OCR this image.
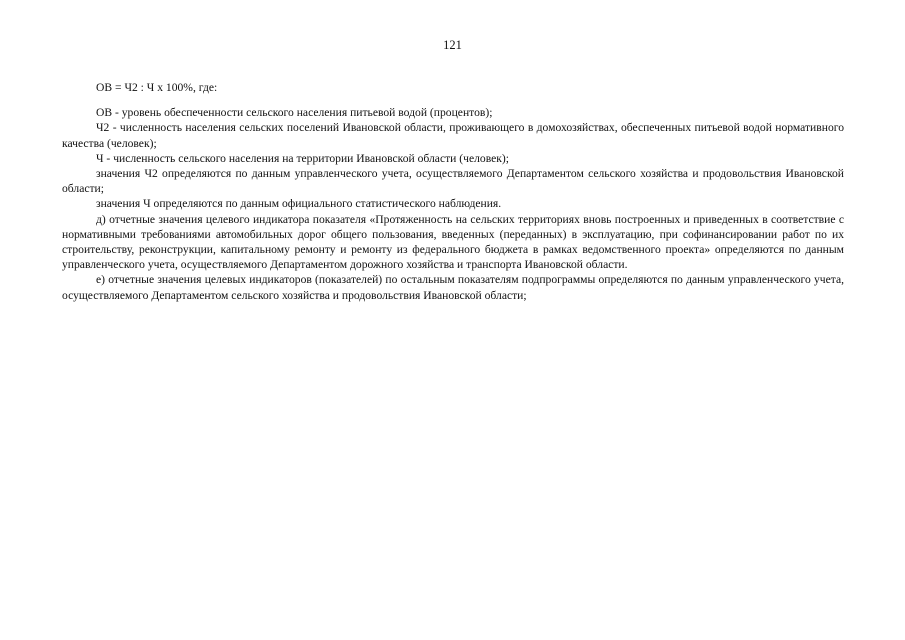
121

ОВ = Ч2 : Ч х 100%, где:

ОВ - уровень обеспеченности сельского населения питьевой водой (процентов);

Ч2 - численность населения сельских поселений Ивановской области, проживающего в домохозяйствах, обеспеченных питьевой водой нормативного качества (человек);

Ч - численность сельского населения на территории Ивановской области (человек);

значения Ч2 определяются по данным управленческого учета, осуществляемого Департаментом сельского хозяйства и продовольствия Ивановской области;

значения Ч определяются по данным официального статистического наблюдения.

д) отчетные значения целевого индикатора показателя «Протяженность на сельских территориях вновь построенных и приведенных в соответствие с нормативными требованиями автомобильных дорог общего пользования, введенных (переданных) в эксплуатацию, при софинансировании работ по их строительству, реконструкции, капитальному ремонту и ремонту из федерального бюджета в рамках ведомственного проекта» определяются по данным управленческого учета, осуществляемого Департаментом дорожного хозяйства и транспорта Ивановской области.

е) отчетные значения целевых индикаторов (показателей) по остальным показателям подпрограммы определяются по данным управленческого учета, осуществляемого Департаментом сельского хозяйства и продовольствия Ивановской области;
